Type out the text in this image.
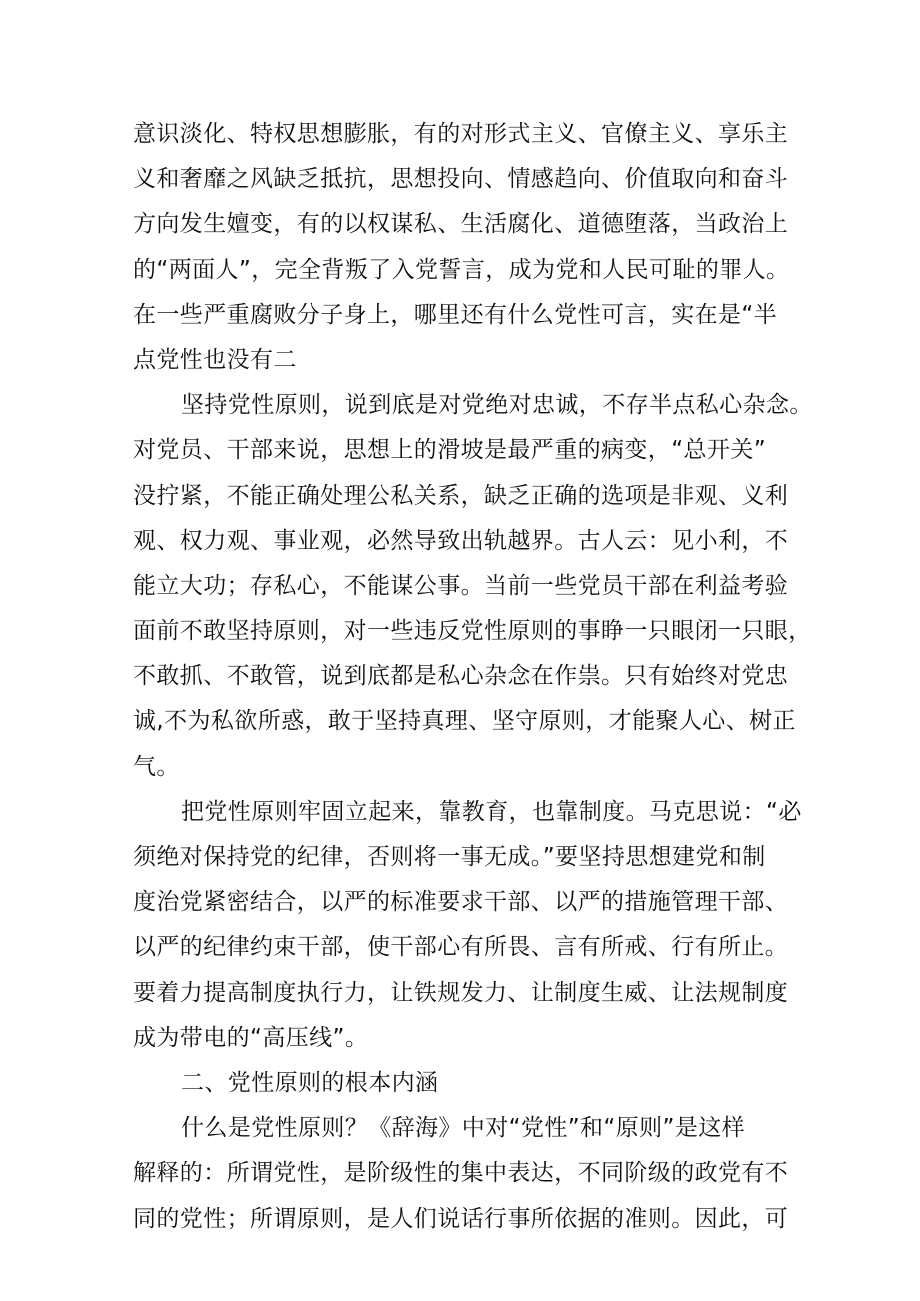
意识淡化、特权思想膨胀，有的对形式主义、官僚主义、享乐主
义和奢靡之风缺乏抵抗，思想投向、情感趋向、价值取向和奋斗
方向发生嬗变，有的以权谋私、生活腐化、道德堕落，当政治上
的“两面人”，完全背叛了入党誓言，成为党和人民可耻的罪人。
在一些严重腐败分子身上，哪里还有什么党性可言，实在是“半
点党性也没有二
坚持党性原则，说到底是对党绝对忠诚，不存半点私心杂念。
对党员、干部来说，思想上的滑坡是最严重的病变，“总开关”
没拧紧，不能正确处理公私关系，缺乏正确的选项是非观、义利
观、权力观、事业观，必然导致出轨越界。古人云：见小利，不
能立大功；存私心，不能谋公事。当前一些党员干部在利益考验
面前不敢坚持原则，对一些违反党性原则的事睁一只眼闭一只眼，
不敢抓、不敢管，说到底都是私心杂念在作祟。只有始终对党忠
诚,不为私欲所惑，敢于坚持真理、坚守原则，才能聚人心、树正
气。
把党性原则牢固立起来，靠教育，也靠制度。马克思说：“必
须绝对保持党的纪律，否则将一事无成。”要坚持思想建党和制
度治党紧密结合，以严的标准要求干部、以严的措施管理干部、
以严的纪律约束干部，使干部心有所畏、言有所戒、行有所止。
要着力提高制度执行力，让铁规发力、让制度生威、让法规制度
成为带电的“高压线”。
二、党性原则的根本内涵
什么是党性原则？《辞海》中对“党性”和“原则”是这样
解释的：所谓党性，是阶级性的集中表达，不同阶级的政党有不
同的党性；所谓原则，是人们说话行事所依据的准则。因此，可
